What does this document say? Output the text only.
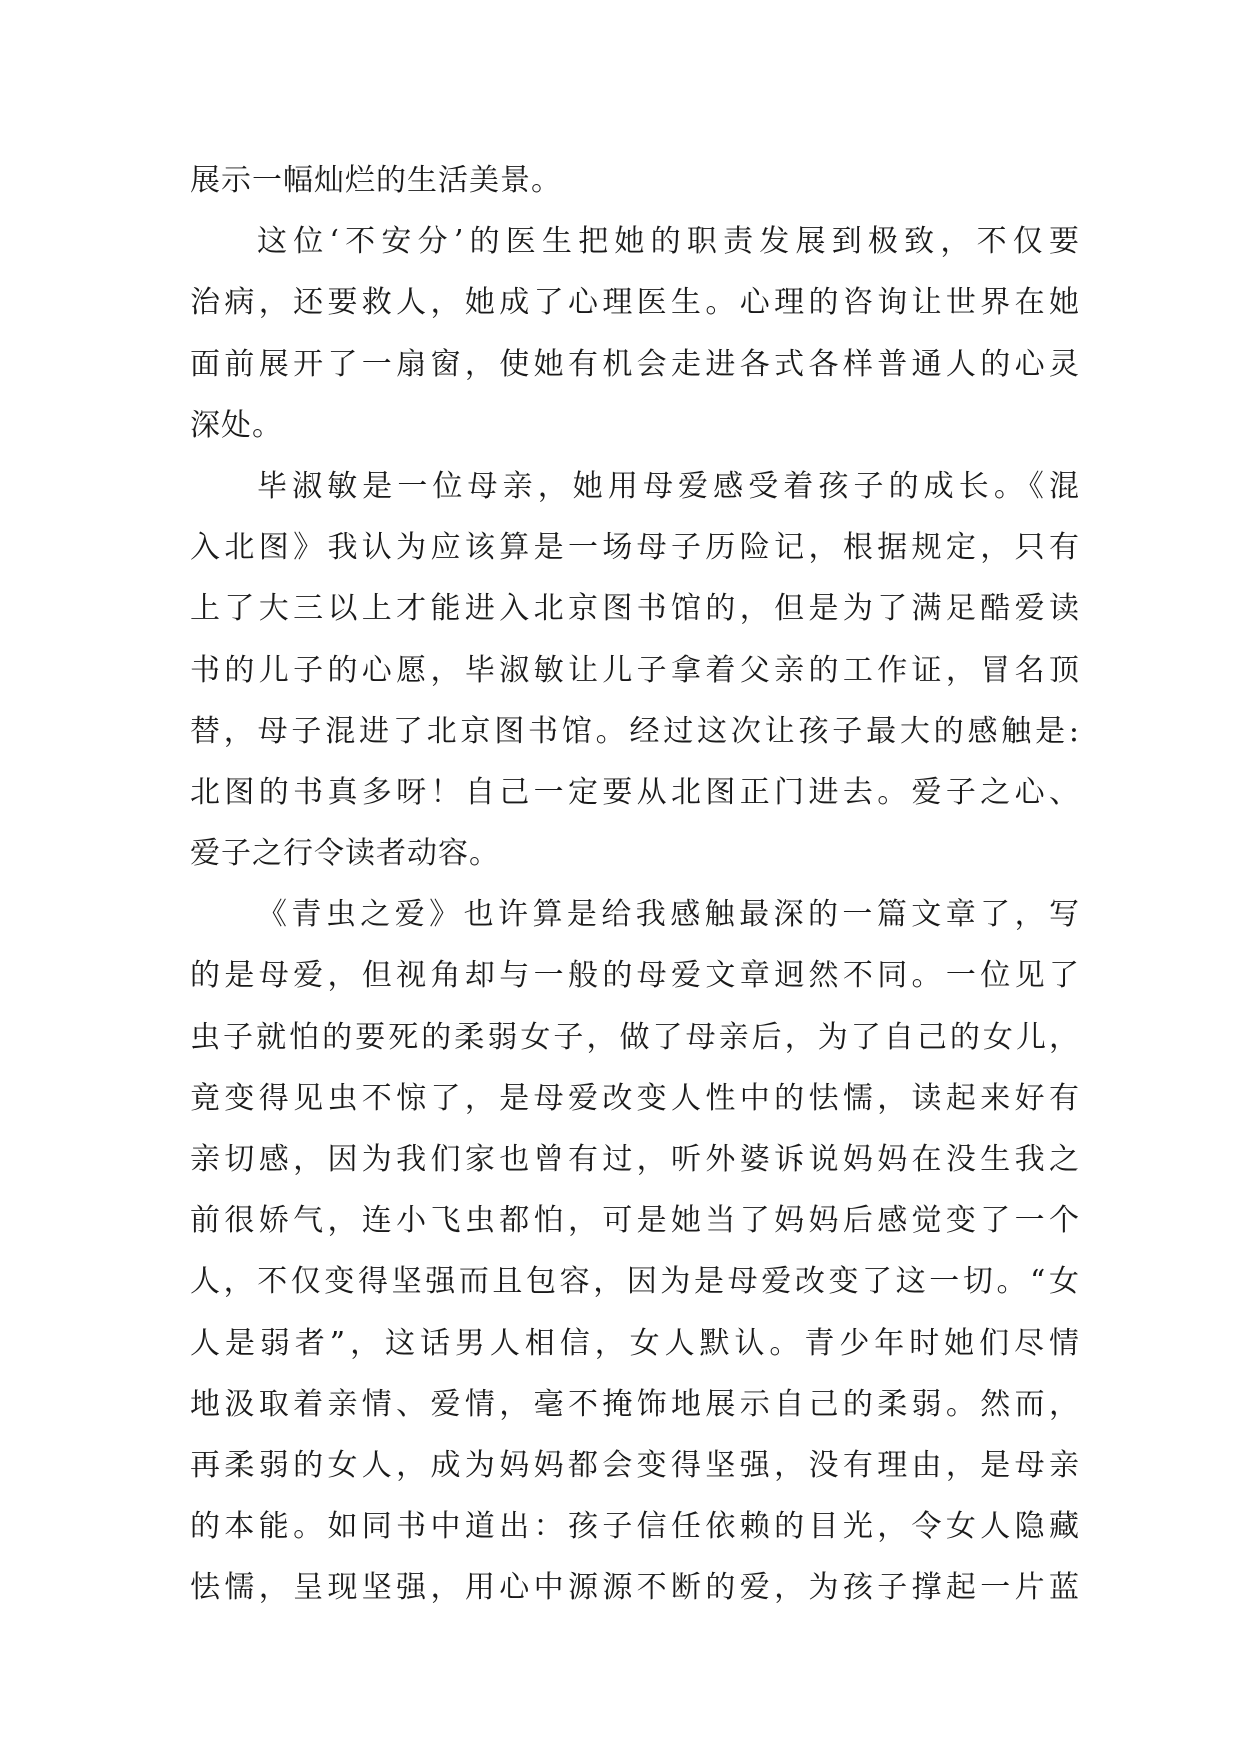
展示一幅灿烂的生活美景。
这位‘不安分’的医生把她的职责发展到极致，不仅要
治病，还要救人，她成了心理医生。心理的咨询让世界在她
面前展开了一扇窗，使她有机会走进各式各样普通人的心灵
深处。
毕淑敏是一位母亲，她用母爱感受着孩子的成长。《混
入北图》我认为应该算是一场母子历险记，根据规定，只有
上了大三以上才能进入北京图书馆的，但是为了满足酷爱读
书的儿子的心愿，毕淑敏让儿子拿着父亲的工作证，冒名顶
替，母子混进了北京图书馆。经过这次让孩子最大的感触是:
北图的书真多呀！自己一定要从北图正门进去。爱子之心、
爱子之行令读者动容。
《青虫之爱》也许算是给我感触最深的一篇文章了，写
的是母爱，但视角却与一般的母爱文章迥然不同。一位见了
虫子就怕的要死的柔弱女子，做了母亲后，为了自己的女儿，
竟变得见虫不惊了，是母爱改变人性中的怯懦，读起来好有
亲切感，因为我们家也曾有过，听外婆诉说妈妈在没生我之
前很娇气，连小飞虫都怕，可是她当了妈妈后感觉变了一个
人，不仅变得坚强而且包容，因为是母爱改变了这一切。“女
人是弱者”，这话男人相信，女人默认。青少年时她们尽情
地汲取着亲情、爱情，毫不掩饰地展示自己的柔弱。然而，
再柔弱的女人，成为妈妈都会变得坚强，没有理由，是母亲
的本能。如同书中道出：孩子信任依赖的目光，令女人隐藏
怯懦，呈现坚强，用心中源源不断的爱，为孩子撑起一片蓝
